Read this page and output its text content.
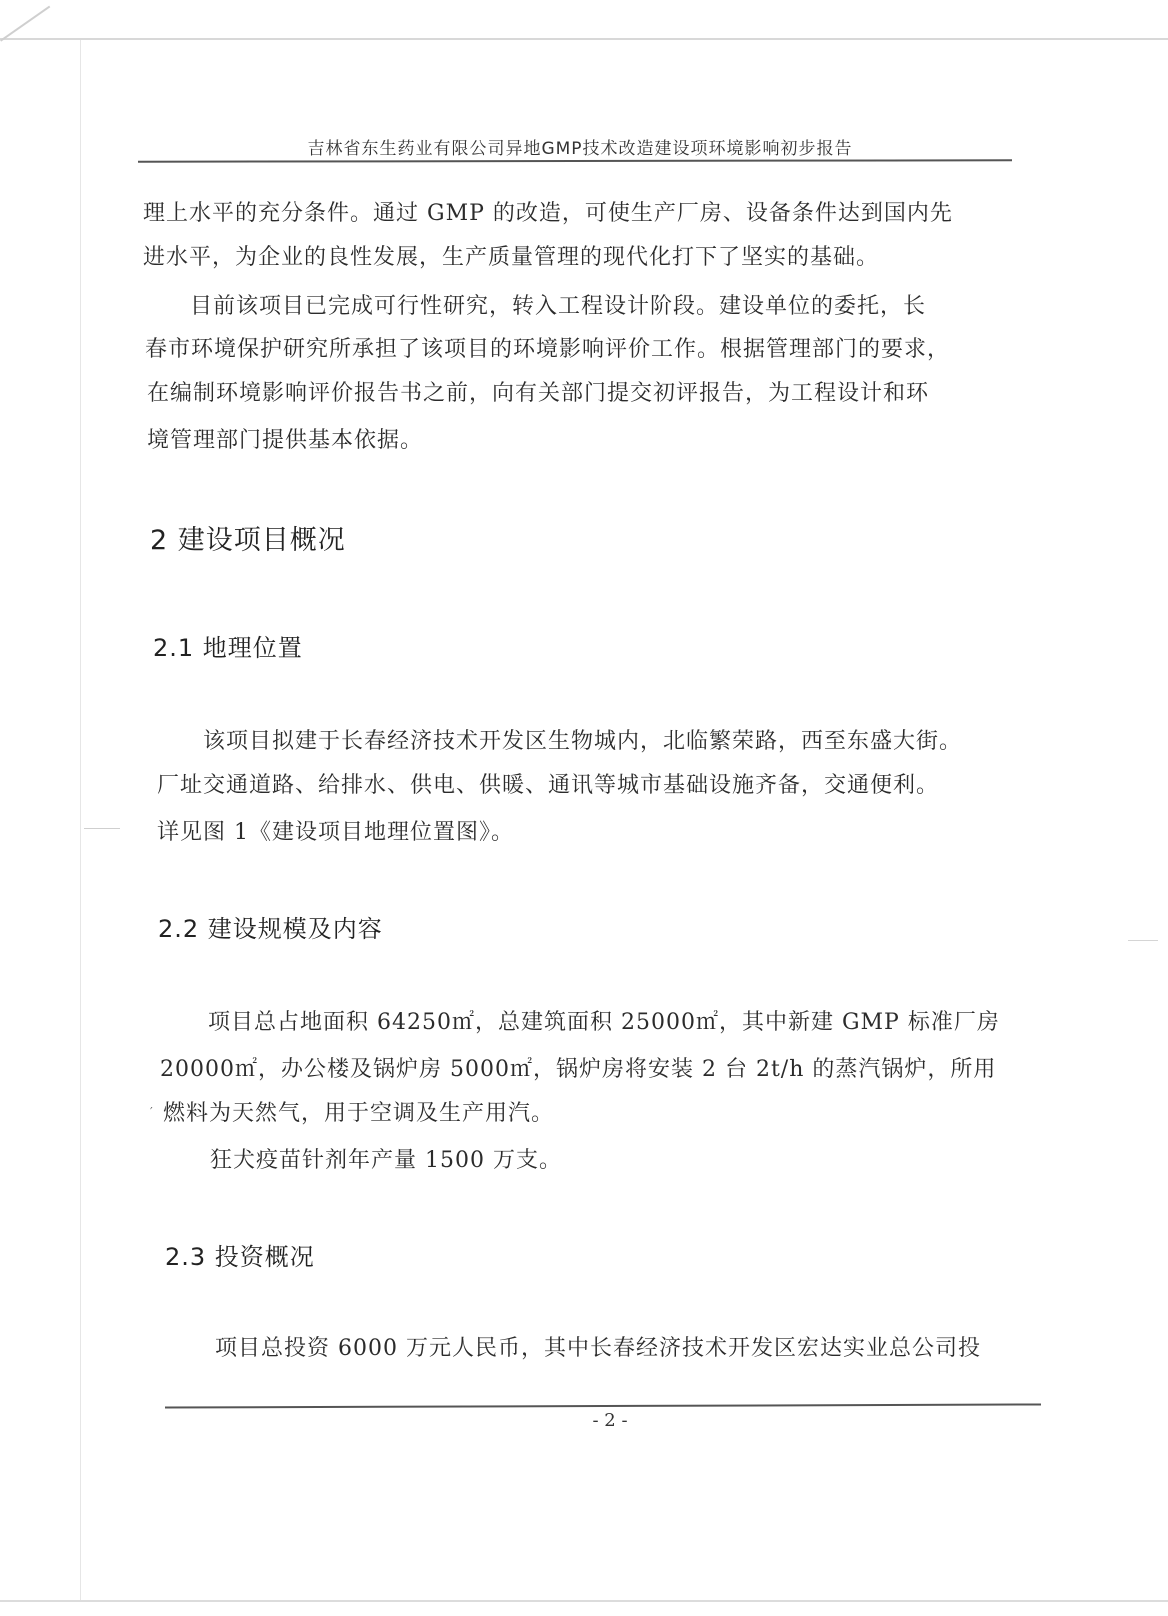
吉林省东生药业有限公司异地GMP技术改造建设项环境影响初步报告
理上水平的充分条件。通过 GMP 的改造，可使生产厂房、设备条件达到国内先
进水平，为企业的良性发展，生产质量管理的现代化打下了坚实的基础。
目前该项目已完成可行性研究，转入工程设计阶段。建设单位的委托，长
春市环境保护研究所承担了该项目的环境影响评价工作。根据管理部门的要求，
在编制环境影响评价报告书之前，向有关部门提交初评报告，为工程设计和环
境管理部门提供基本依据。
2 建设项目概况
2.1 地理位置
该项目拟建于长春经济技术开发区生物城内，北临繁荣路，西至东盛大街。
厂址交通道路、给排水、供电、供暖、通讯等城市基础设施齐备，交通便利。
详见图 1《建设项目地理位置图》。
2.2 建设规模及内容
项目总占地面积 64250㎡，总建筑面积 25000㎡，其中新建 GMP 标准厂房
20000㎡，办公楼及锅炉房 5000㎡，锅炉房将安装 2 台 2t/h 的蒸汽锅炉，所用
′ 燃料为天然气，用于空调及生产用汽。
狂犬疫苗针剂年产量 1500 万支。
2.3 投资概况
项目总投资 6000 万元人民币，其中长春经济技术开发区宏达实业总公司投
- 2 -
